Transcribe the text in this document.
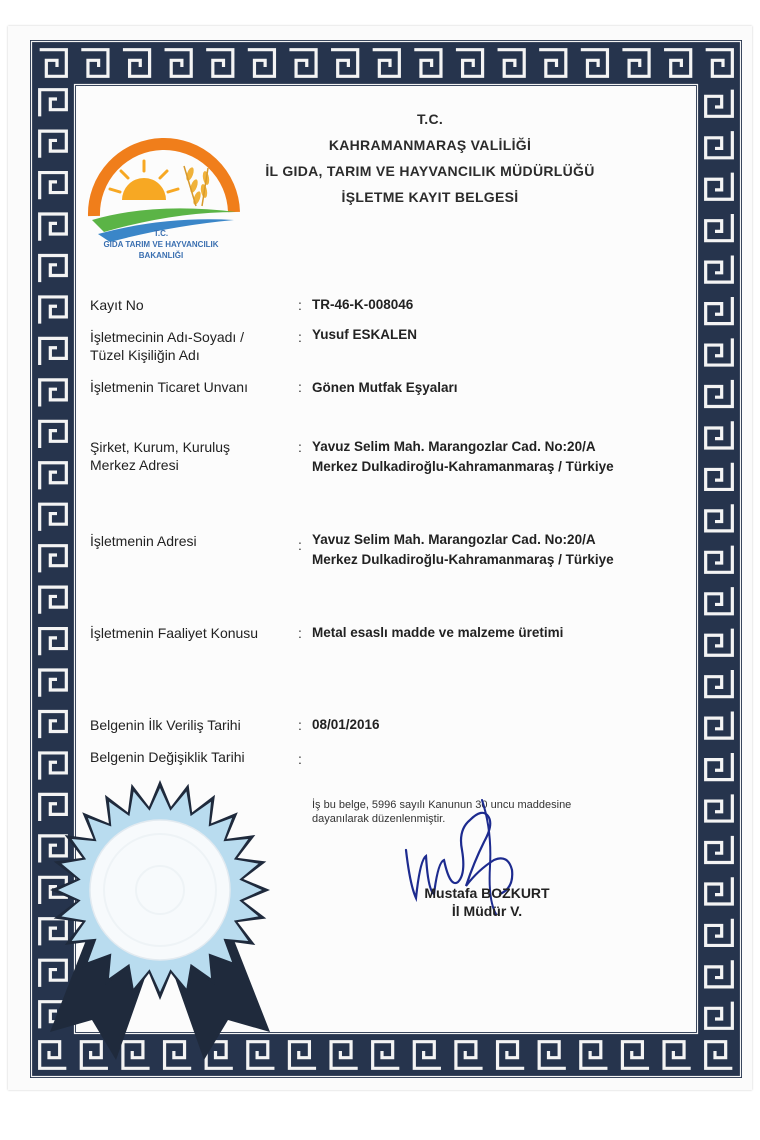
T.C.
GIDA TARIM VE HAYVANCILIK
BAKANLIĞI
T.C.
KAHRAMANMARAŞ VALİLİĞİ
İL GIDA, TARIM VE HAYVANCILIK MÜDÜRLÜĞÜ
İŞLETME KAYIT BELGESİ
Kayıt No	: TR-46-K-008046
İşletmecinin Adı-Soyadı /
Tüzel Kişiliğin Adı
: Yusuf ESKALEN
İşletmenin Ticaret Unvanı	: Gönen Mutfak Eşyaları
Şirket, Kurum, Kuruluş
Merkez Adresi
: Yavuz Selim Mah. Marangozlar Cad. No:20/A
Merkez Dulkadiroğlu-Kahramanmaraş / Türkiye
İşletmenin Adresi	: Yavuz Selim Mah. Marangozlar Cad. No:20/A
Merkez Dulkadiroğlu-Kahramanmaraş / Türkiye
İşletmenin Faaliyet Konusu	: Metal esaslı madde ve malzeme üretimi
Belgenin İlk Veriliş Tarihi	: 08/01/2016
Belgenin Değişiklik Tarihi	:
İş bu belge, 5996 sayılı Kanunun 30 uncu maddesine
dayanılarak düzenlenmiştir.
Mustafa BOZKURT
İl Müdür V.
